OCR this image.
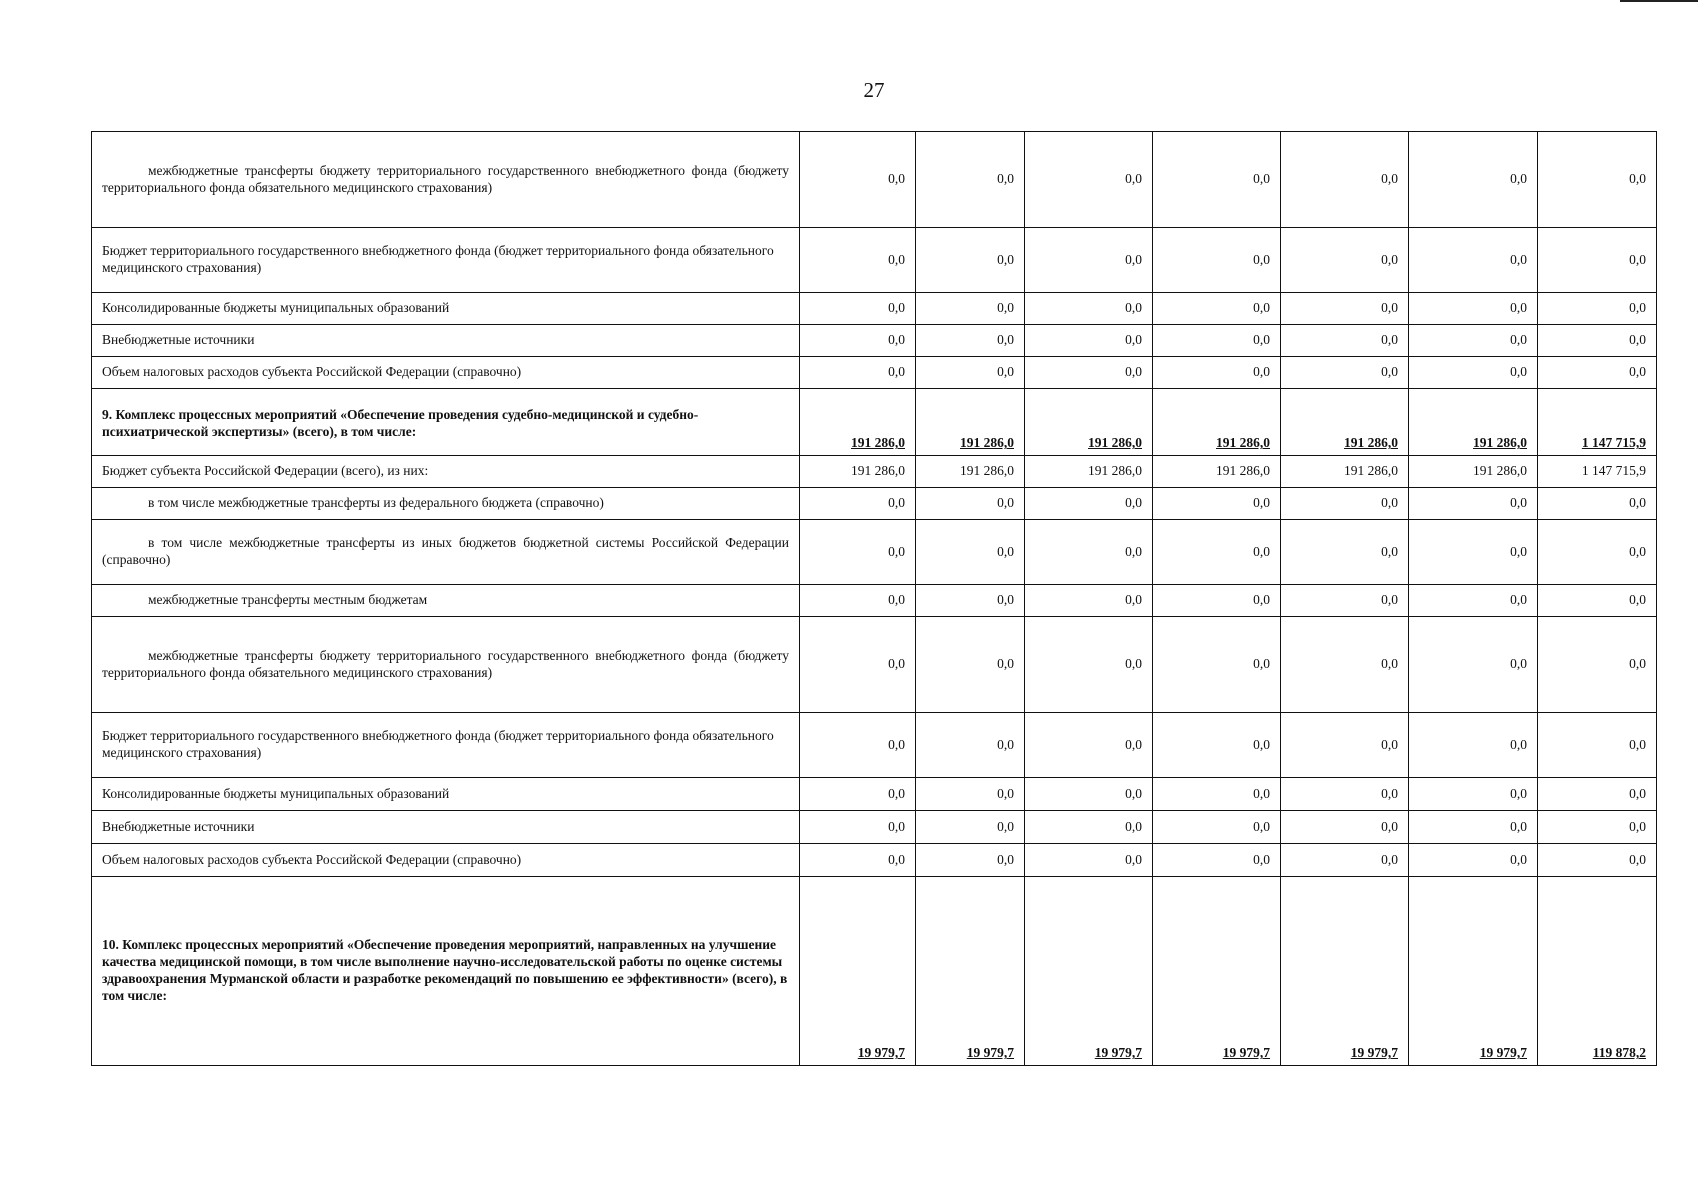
27
межбюджетные трансферты бюджету территориального государственного внебюджетного фонда (бюджету территориального фонда обязательного медицинского страхования)	0,0	0,0	0,0	0,0	0,0	0,0	0,0
Бюджет территориального государственного внебюджетного фонда (бюджет территориального фонда обязательного медицинского страхования)	0,0	0,0	0,0	0,0	0,0	0,0	0,0
Консолидированные бюджеты муниципальных образований	0,0	0,0	0,0	0,0	0,0	0,0	0,0
Внебюджетные источники	0,0	0,0	0,0	0,0	0,0	0,0	0,0
Объем налоговых расходов субъекта Российской Федерации (справочно)	0,0	0,0	0,0	0,0	0,0	0,0	0,0
9. Комплекс процессных мероприятий «Обеспечение проведения судебно-медицинской и судебно-психиатрической экспертизы» (всего), в том числе:	191 286,0	191 286,0	191 286,0	191 286,0	191 286,0	191 286,0	1 147 715,9
Бюджет субъекта Российской Федерации (всего), из них:	191 286,0	191 286,0	191 286,0	191 286,0	191 286,0	191 286,0	1 147 715,9
в том числе межбюджетные трансферты из федерального бюджета (справочно)	0,0	0,0	0,0	0,0	0,0	0,0	0,0
в том числе межбюджетные трансферты из иных бюджетов бюджетной системы Российской Федерации (справочно)	0,0	0,0	0,0	0,0	0,0	0,0	0,0
межбюджетные трансферты местным бюджетам	0,0	0,0	0,0	0,0	0,0	0,0	0,0
межбюджетные трансферты бюджету территориального государственного внебюджетного фонда (бюджету территориального фонда обязательного медицинского страхования)	0,0	0,0	0,0	0,0	0,0	0,0	0,0
Бюджет территориального государственного внебюджетного фонда (бюджет территориального фонда обязательного медицинского страхования)	0,0	0,0	0,0	0,0	0,0	0,0	0,0
Консолидированные бюджеты муниципальных образований	0,0	0,0	0,0	0,0	0,0	0,0	0,0
Внебюджетные источники	0,0	0,0	0,0	0,0	0,0	0,0	0,0
Объем налоговых расходов субъекта Российской Федерации (справочно)	0,0	0,0	0,0	0,0	0,0	0,0	0,0
10. Комплекс процессных мероприятий «Обеспечение проведения мероприятий, направленных на улучшение качества медицинской помощи, в том числе выполнение научно-исследовательской работы по оценке системы здравоохранения Мурманской области и разработке рекомендаций по повышению ее эффективности» (всего), в том числе:	19 979,7	19 979,7	19 979,7	19 979,7	19 979,7	19 979,7	119 878,2
